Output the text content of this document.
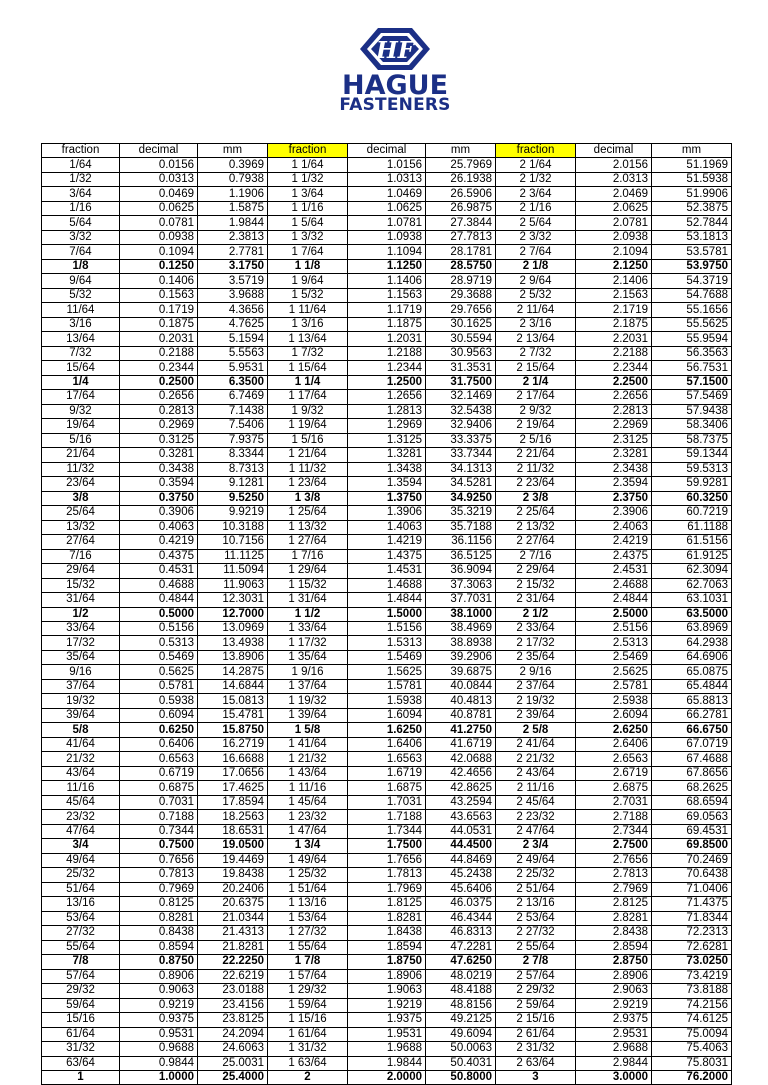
HF
HAGUE
FASTENERS
fraction	decimal	mm	fraction	decimal	mm	fraction	decimal	mm
1/64	0.0156	0.3969	1 1/64	1.0156	25.7969	2 1/64	2.0156	51.1969
1/32	0.0313	0.7938	1 1/32	1.0313	26.1938	2 1/32	2.0313	51.5938
3/64	0.0469	1.1906	1 3/64	1.0469	26.5906	2 3/64	2.0469	51.9906
1/16	0.0625	1.5875	1 1/16	1.0625	26.9875	2 1/16	2.0625	52.3875
5/64	0.0781	1.9844	1 5/64	1.0781	27.3844	2 5/64	2.0781	52.7844
3/32	0.0938	2.3813	1 3/32	1.0938	27.7813	2 3/32	2.0938	53.1813
7/64	0.1094	2.7781	1 7/64	1.1094	28.1781	2 7/64	2.1094	53.5781
1/8	0.1250	3.1750	1 1/8	1.1250	28.5750	2 1/8	2.1250	53.9750
9/64	0.1406	3.5719	1 9/64	1.1406	28.9719	2 9/64	2.1406	54.3719
5/32	0.1563	3.9688	1 5/32	1.1563	29.3688	2 5/32	2.1563	54.7688
11/64	0.1719	4.3656	1 11/64	1.1719	29.7656	2 11/64	2.1719	55.1656
3/16	0.1875	4.7625	1 3/16	1.1875	30.1625	2 3/16	2.1875	55.5625
13/64	0.2031	5.1594	1 13/64	1.2031	30.5594	2 13/64	2.2031	55.9594
7/32	0.2188	5.5563	1 7/32	1.2188	30.9563	2 7/32	2.2188	56.3563
15/64	0.2344	5.9531	1 15/64	1.2344	31.3531	2 15/64	2.2344	56.7531
1/4	0.2500	6.3500	1 1/4	1.2500	31.7500	2 1/4	2.2500	57.1500
17/64	0.2656	6.7469	1 17/64	1.2656	32.1469	2 17/64	2.2656	57.5469
9/32	0.2813	7.1438	1 9/32	1.2813	32.5438	2 9/32	2.2813	57.9438
19/64	0.2969	7.5406	1 19/64	1.2969	32.9406	2 19/64	2.2969	58.3406
5/16	0.3125	7.9375	1 5/16	1.3125	33.3375	2 5/16	2.3125	58.7375
21/64	0.3281	8.3344	1 21/64	1.3281	33.7344	2 21/64	2.3281	59.1344
11/32	0.3438	8.7313	1 11/32	1.3438	34.1313	2 11/32	2.3438	59.5313
23/64	0.3594	9.1281	1 23/64	1.3594	34.5281	2 23/64	2.3594	59.9281
3/8	0.3750	9.5250	1 3/8	1.3750	34.9250	2 3/8	2.3750	60.3250
25/64	0.3906	9.9219	1 25/64	1.3906	35.3219	2 25/64	2.3906	60.7219
13/32	0.4063	10.3188	1 13/32	1.4063	35.7188	2 13/32	2.4063	61.1188
27/64	0.4219	10.7156	1 27/64	1.4219	36.1156	2 27/64	2.4219	61.5156
7/16	0.4375	11.1125	1 7/16	1.4375	36.5125	2 7/16	2.4375	61.9125
29/64	0.4531	11.5094	1 29/64	1.4531	36.9094	2 29/64	2.4531	62.3094
15/32	0.4688	11.9063	1 15/32	1.4688	37.3063	2 15/32	2.4688	62.7063
31/64	0.4844	12.3031	1 31/64	1.4844	37.7031	2 31/64	2.4844	63.1031
1/2	0.5000	12.7000	1 1/2	1.5000	38.1000	2 1/2	2.5000	63.5000
33/64	0.5156	13.0969	1 33/64	1.5156	38.4969	2 33/64	2.5156	63.8969
17/32	0.5313	13.4938	1 17/32	1.5313	38.8938	2 17/32	2.5313	64.2938
35/64	0.5469	13.8906	1 35/64	1.5469	39.2906	2 35/64	2.5469	64.6906
9/16	0.5625	14.2875	1 9/16	1.5625	39.6875	2 9/16	2.5625	65.0875
37/64	0.5781	14.6844	1 37/64	1.5781	40.0844	2 37/64	2.5781	65.4844
19/32	0.5938	15.0813	1 19/32	1.5938	40.4813	2 19/32	2.5938	65.8813
39/64	0.6094	15.4781	1 39/64	1.6094	40.8781	2 39/64	2.6094	66.2781
5/8	0.6250	15.8750	1 5/8	1.6250	41.2750	2 5/8	2.6250	66.6750
41/64	0.6406	16.2719	1 41/64	1.6406	41.6719	2 41/64	2.6406	67.0719
21/32	0.6563	16.6688	1 21/32	1.6563	42.0688	2 21/32	2.6563	67.4688
43/64	0.6719	17.0656	1 43/64	1.6719	42.4656	2 43/64	2.6719	67.8656
11/16	0.6875	17.4625	1 11/16	1.6875	42.8625	2 11/16	2.6875	68.2625
45/64	0.7031	17.8594	1 45/64	1.7031	43.2594	2 45/64	2.7031	68.6594
23/32	0.7188	18.2563	1 23/32	1.7188	43.6563	2 23/32	2.7188	69.0563
47/64	0.7344	18.6531	1 47/64	1.7344	44.0531	2 47/64	2.7344	69.4531
3/4	0.7500	19.0500	1 3/4	1.7500	44.4500	2 3/4	2.7500	69.8500
49/64	0.7656	19.4469	1 49/64	1.7656	44.8469	2 49/64	2.7656	70.2469
25/32	0.7813	19.8438	1 25/32	1.7813	45.2438	2 25/32	2.7813	70.6438
51/64	0.7969	20.2406	1 51/64	1.7969	45.6406	2 51/64	2.7969	71.0406
13/16	0.8125	20.6375	1 13/16	1.8125	46.0375	2 13/16	2.8125	71.4375
53/64	0.8281	21.0344	1 53/64	1.8281	46.4344	2 53/64	2.8281	71.8344
27/32	0.8438	21.4313	1 27/32	1.8438	46.8313	2 27/32	2.8438	72.2313
55/64	0.8594	21.8281	1 55/64	1.8594	47.2281	2 55/64	2.8594	72.6281
7/8	0.8750	22.2250	1 7/8	1.8750	47.6250	2 7/8	2.8750	73.0250
57/64	0.8906	22.6219	1 57/64	1.8906	48.0219	2 57/64	2.8906	73.4219
29/32	0.9063	23.0188	1 29/32	1.9063	48.4188	2 29/32	2.9063	73.8188
59/64	0.9219	23.4156	1 59/64	1.9219	48.8156	2 59/64	2.9219	74.2156
15/16	0.9375	23.8125	1 15/16	1.9375	49.2125	2 15/16	2.9375	74.6125
61/64	0.9531	24.2094	1 61/64	1.9531	49.6094	2 61/64	2.9531	75.0094
31/32	0.9688	24.6063	1 31/32	1.9688	50.0063	2 31/32	2.9688	75.4063
63/64	0.9844	25.0031	1 63/64	1.9844	50.4031	2 63/64	2.9844	75.8031
1	1.0000	25.4000	2	2.0000	50.8000	3	3.0000	76.2000
